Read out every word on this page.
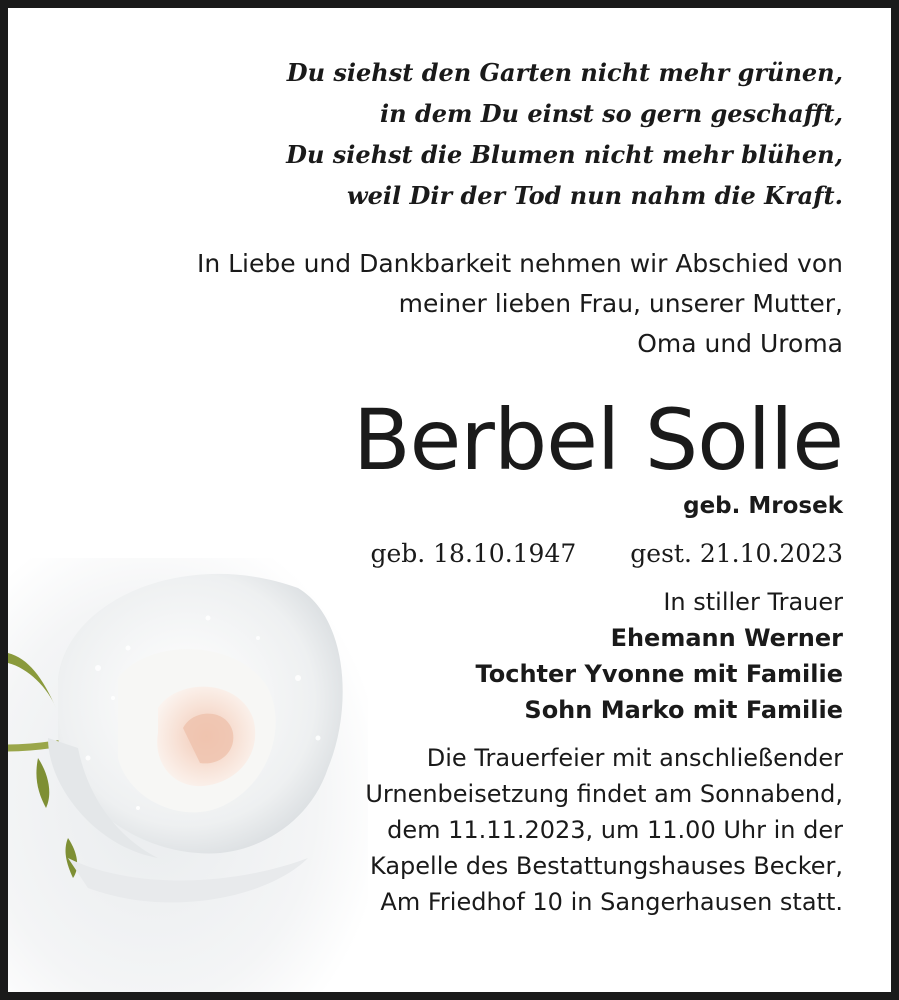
Du siehst den Garten nicht mehr grünen,
in dem Du einst so gern geschafft,
Du siehst die Blumen nicht mehr blühen,
weil Dir der Tod nun nahm die Kraft.
In Liebe und Dankbarkeit nehmen wir Abschied von
meiner lieben Frau, unserer Mutter,
Oma und Uroma
Berbel Solle
geb. Mrosek
geb. 18.10.1947 gest. 21.10.2023
In stiller Trauer
Ehemann Werner
Tochter Yvonne mit Familie
Sohn Marko mit Familie
Die Trauerfeier mit anschließender
Urnenbeisetzung findet am Sonnabend,
dem 11.11.2023, um 11.00 Uhr in der
Kapelle des Bestattungshauses Becker,
Am Friedhof 10 in Sangerhausen statt.
